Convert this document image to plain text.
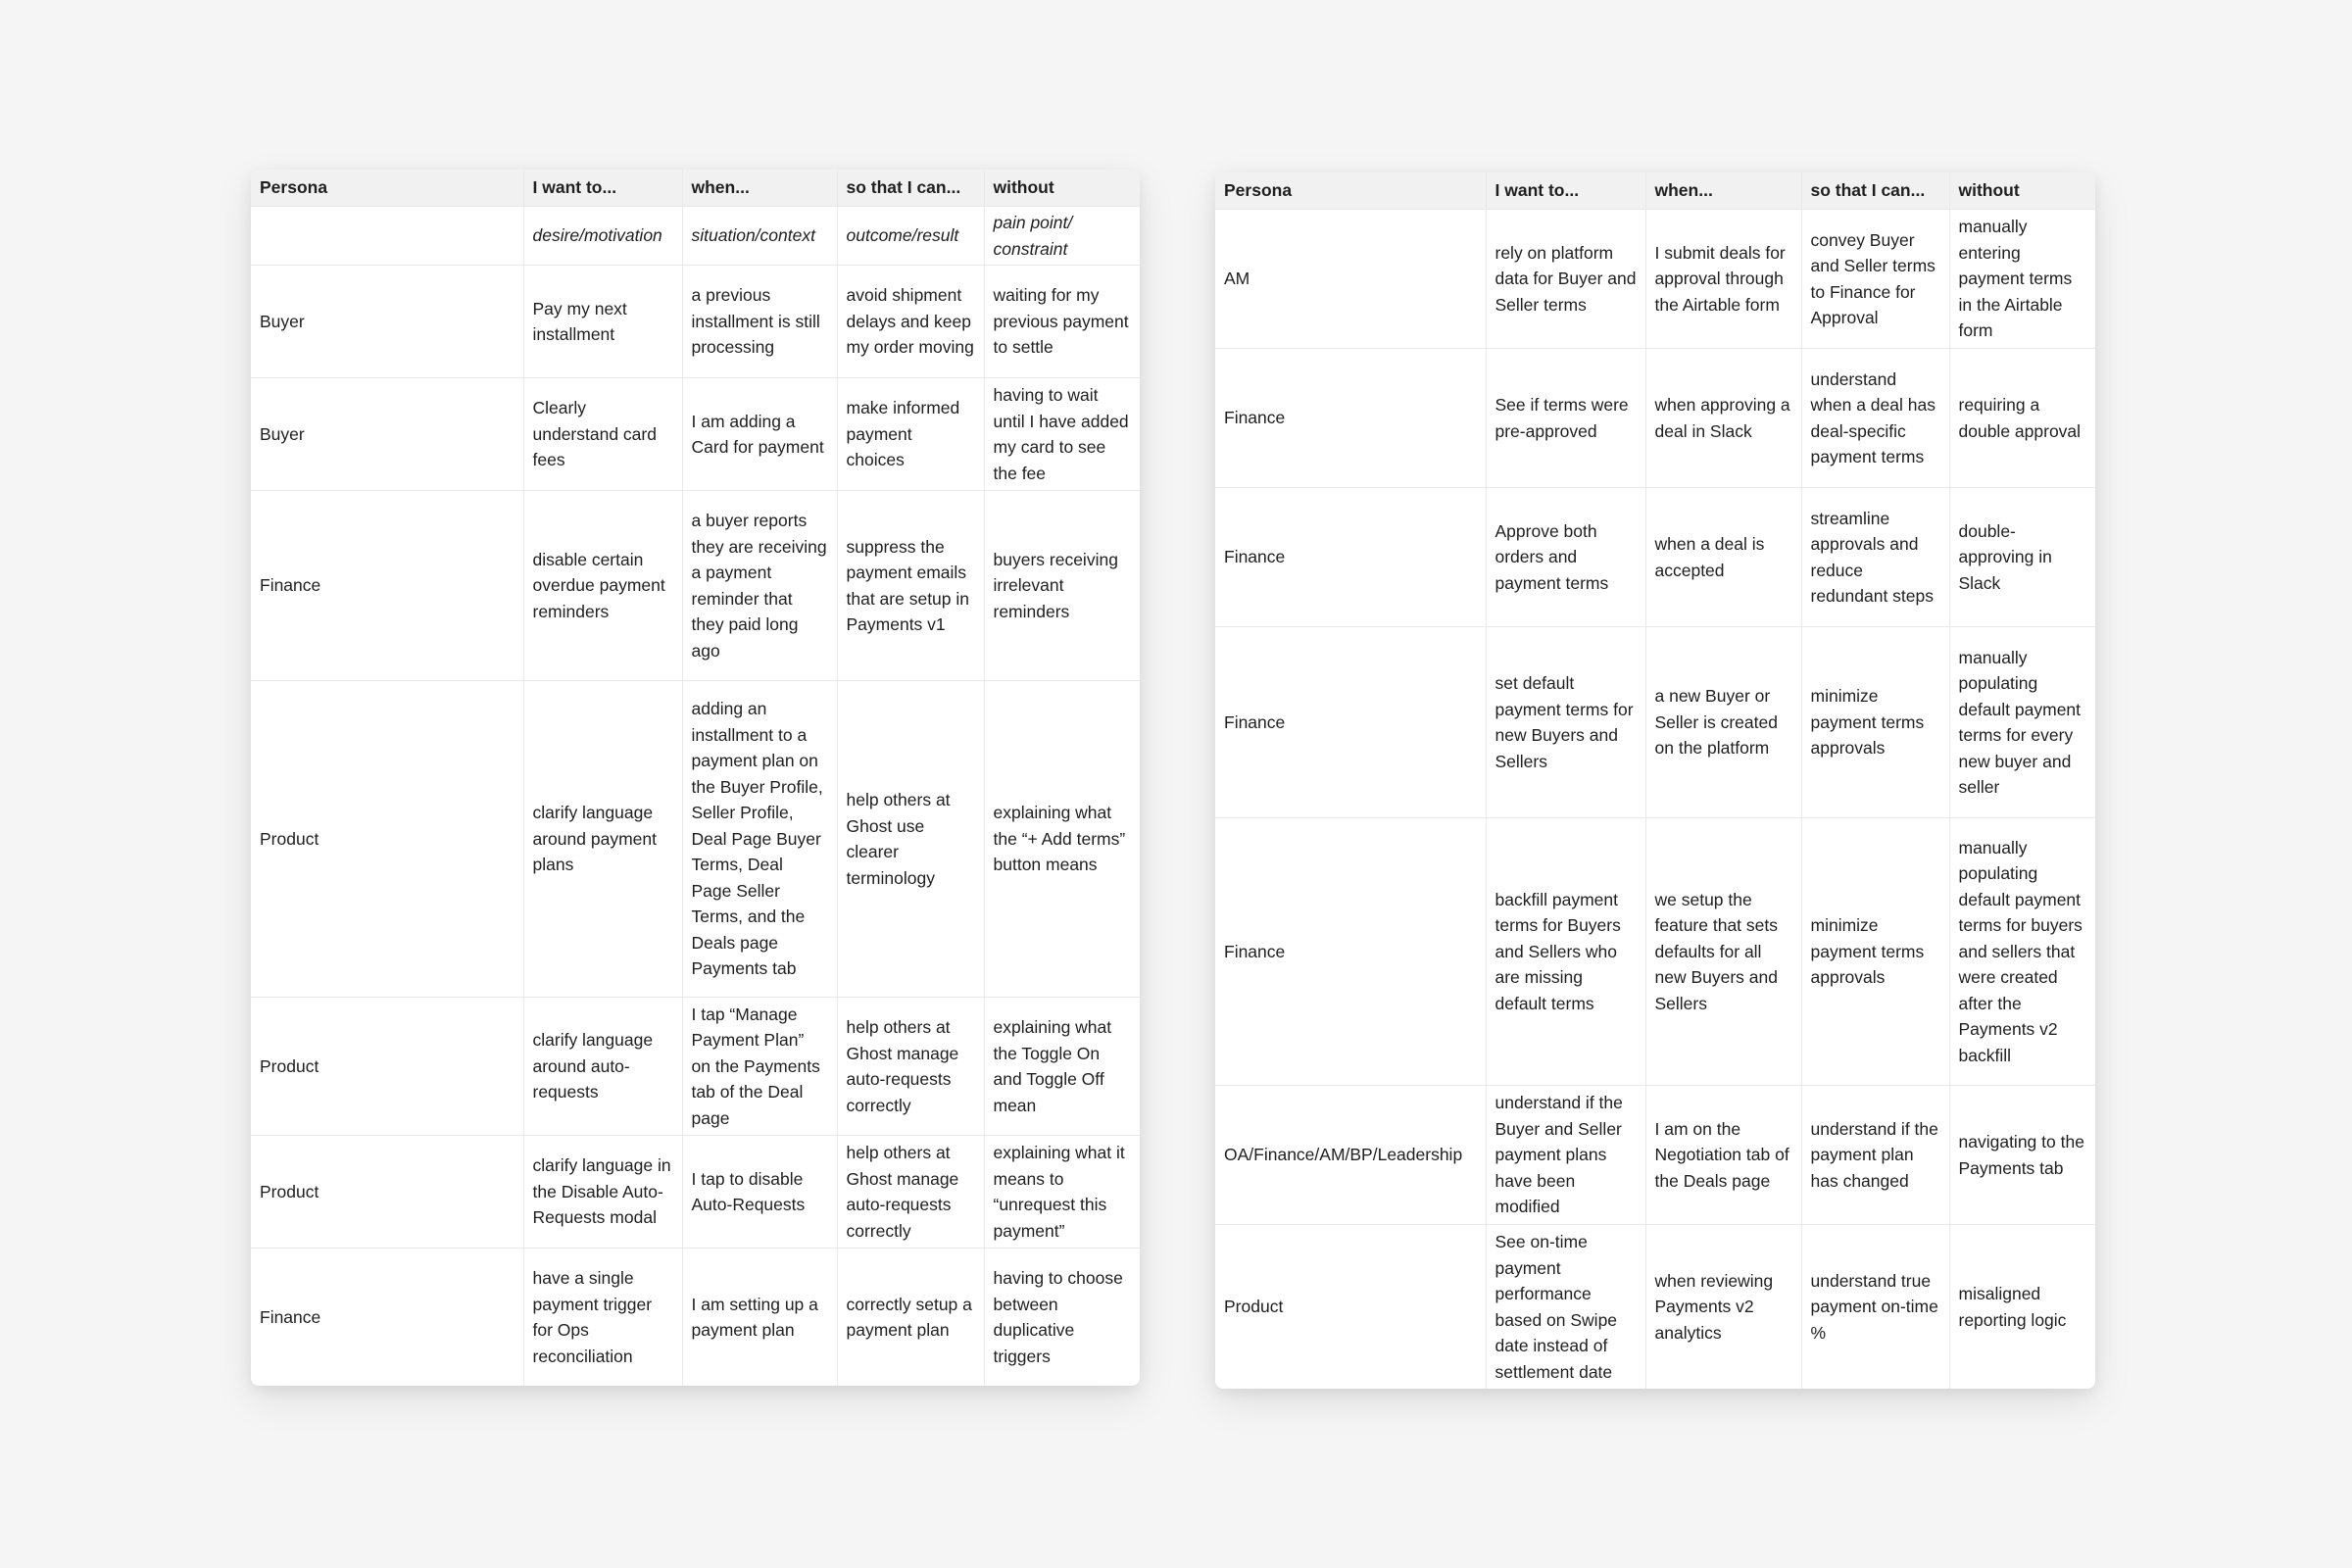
Persona	I want to...	when...	so that I can...	without
	desire/motivation	situation/context	outcome/result	pain point/ constraint
Buyer	Pay my next installment	a previous installment is still processing	avoid shipment delays and keep my order moving	waiting for my previous payment to settle
Buyer	Clearly understand card fees	I am adding a Card for payment	make informed payment choices	having to wait until I have added my card to see the fee
Finance	disable certain overdue payment reminders	a buyer reports they are receiving a payment reminder that they paid long ago	suppress the payment emails that are setup in Payments v1	buyers receiving irrelevant reminders
Product	clarify language around payment plans	adding an installment to a payment plan on the Buyer Profile, Seller Profile, Deal Page Buyer Terms, Deal Page Seller Terms, and the Deals page Payments tab	help others at Ghost use clearer terminology	explaining what the “+ Add terms” button means
Product	clarify language around auto-requests	I tap “Manage Payment Plan” on the Payments tab of the Deal page	help others at Ghost manage auto-requests correctly	explaining what the Toggle On and Toggle Off mean
Product	clarify language in the Disable Auto-Requests modal	I tap to disable Auto-Requests	help others at Ghost manage auto-requests correctly	explaining what it means to “unrequest this payment”
Finance	have a single payment trigger for Ops reconciliation	I am setting up a payment plan	correctly setup a payment plan	having to choose between duplicative triggers
Persona	I want to...	when...	so that I can...	without
AM	rely on platform data for Buyer and Seller terms	I submit deals for approval through the Airtable form	convey Buyer and Seller terms to Finance for Approval	manually entering payment terms in the Airtable form
Finance	See if terms were pre-approved	when approving a deal in Slack	understand when a deal has deal-specific payment terms	requiring a double approval
Finance	Approve both orders and payment terms	when a deal is accepted	streamline approvals and reduce redundant steps	double-approving in Slack
Finance	set default payment terms for new Buyers and Sellers	a new Buyer or Seller is created on the platform	minimize payment terms approvals	manually populating default payment terms for every new buyer and seller
Finance	backfill payment terms for Buyers and Sellers who are missing default terms	we setup the feature that sets defaults for all new Buyers and Sellers	minimize payment terms approvals	manually populating default payment terms for buyers and sellers that were created after the Payments v2 backfill
OA/Finance/AM/BP/Leadership	understand if the Buyer and Seller payment plans have been modified	I am on the Negotiation tab of the Deals page	understand if the payment plan has changed	navigating to the Payments tab
Product	See on-time payment performance based on Swipe date instead of settlement date	when reviewing Payments v2 analytics	understand true payment on-time %	misaligned reporting logic
